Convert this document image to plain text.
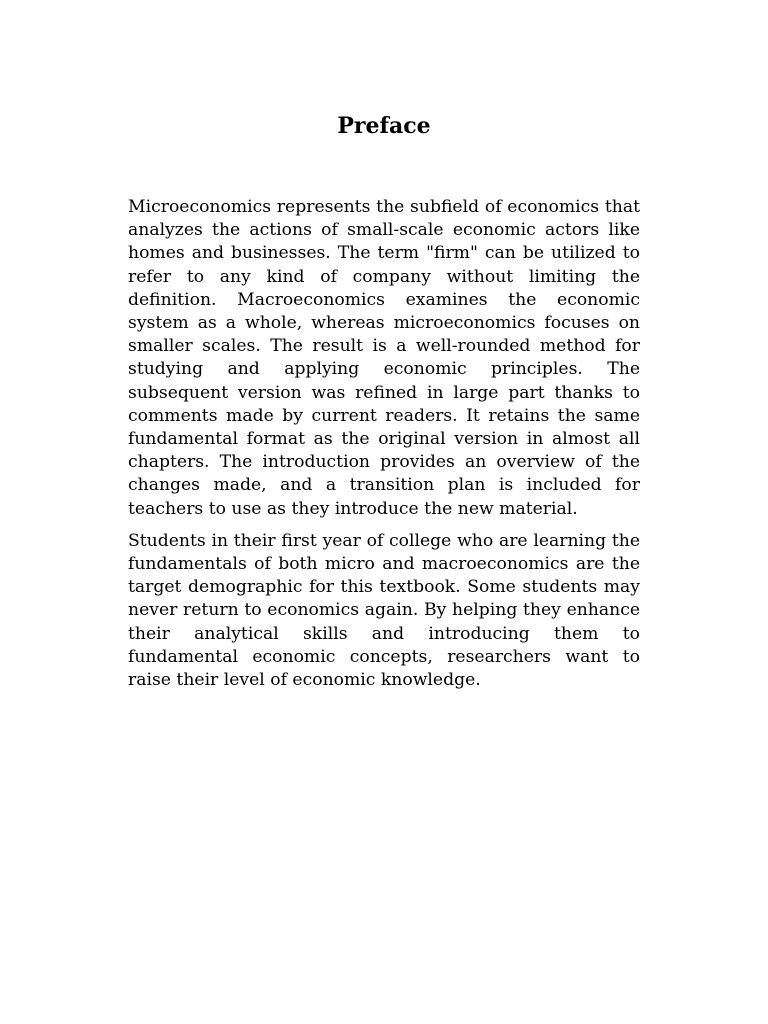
Preface

Microeconomics represents the subfield of economics that analyzes the actions of small-scale economic actors like homes and businesses. The term "firm" can be utilized to refer to any kind of company without limiting the definition. Macroeconomics examines the economic system as a whole, whereas microeconomics focuses on smaller scales. The result is a well-rounded method for studying and applying economic principles. The subsequent version was refined in large part thanks to comments made by current readers. It retains the same fundamental format as the original version in almost all chapters. The introduction provides an overview of the changes made, and a transition plan is included for teachers to use as they introduce the new material.

Students in their first year of college who are learning the fundamentals of both micro and macroeconomics are the target demographic for this textbook. Some students may never return to economics again. By helping they enhance their analytical skills and introducing them to fundamental economic concepts, researchers want to raise their level of economic knowledge.
